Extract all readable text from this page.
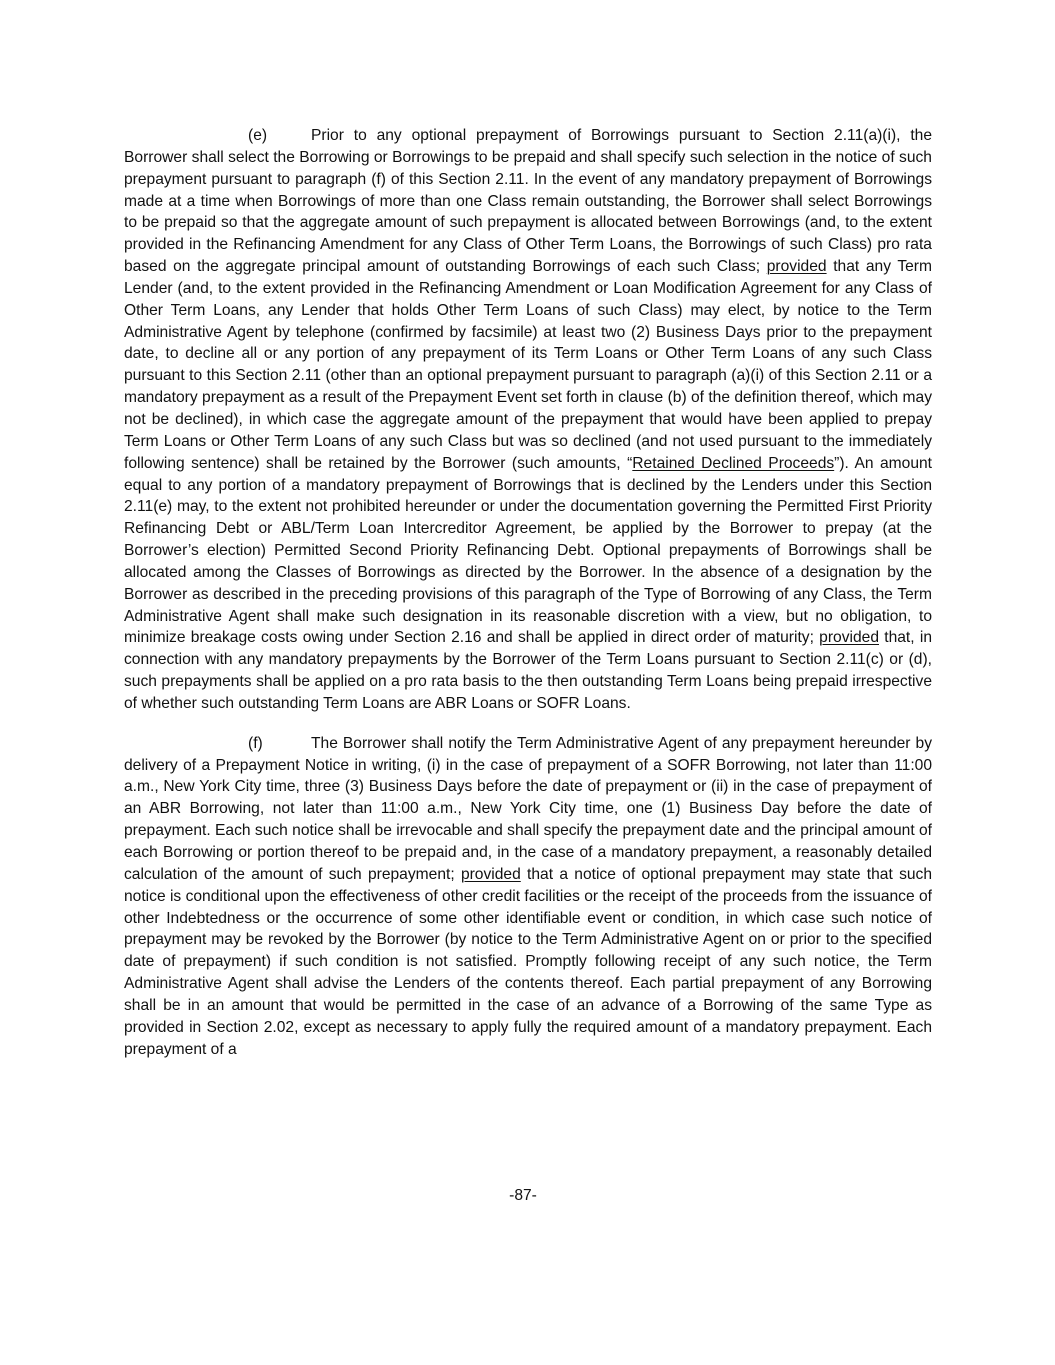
(e)	Prior to any optional prepayment of Borrowings pursuant to Section 2.11(a)(i), the Borrower shall select the Borrowing or Borrowings to be prepaid and shall specify such selection in the notice of such prepayment pursuant to paragraph (f) of this Section 2.11. In the event of any mandatory prepayment of Borrowings made at a time when Borrowings of more than one Class remain outstanding, the Borrower shall select Borrowings to be prepaid so that the aggregate amount of such prepayment is allocated between Borrowings (and, to the extent provided in the Refinancing Amendment for any Class of Other Term Loans, the Borrowings of such Class) pro rata based on the aggregate principal amount of outstanding Borrowings of each such Class; provided that any Term Lender (and, to the extent provided in the Refinancing Amendment or Loan Modification Agreement for any Class of Other Term Loans, any Lender that holds Other Term Loans of such Class) may elect, by notice to the Term Administrative Agent by telephone (confirmed by facsimile) at least two (2) Business Days prior to the prepayment date, to decline all or any portion of any prepayment of its Term Loans or Other Term Loans of any such Class pursuant to this Section 2.11 (other than an optional prepayment pursuant to paragraph (a)(i) of this Section 2.11 or a mandatory prepayment as a result of the Prepayment Event set forth in clause (b) of the definition thereof, which may not be declined), in which case the aggregate amount of the prepayment that would have been applied to prepay Term Loans or Other Term Loans of any such Class but was so declined (and not used pursuant to the immediately following sentence) shall be retained by the Borrower (such amounts, “Retained Declined Proceeds”). An amount equal to any portion of a mandatory prepayment of Borrowings that is declined by the Lenders under this Section 2.11(e) may, to the extent not prohibited hereunder or under the documentation governing the Permitted First Priority Refinancing Debt or ABL/Term Loan Intercreditor Agreement, be applied by the Borrower to prepay (at the Borrower’s election) Permitted Second Priority Refinancing Debt. Optional prepayments of Borrowings shall be allocated among the Classes of Borrowings as directed by the Borrower. In the absence of a designation by the Borrower as described in the preceding provisions of this paragraph of the Type of Borrowing of any Class, the Term Administrative Agent shall make such designation in its reasonable discretion with a view, but no obligation, to minimize breakage costs owing under Section 2.16 and shall be applied in direct order of maturity; provided that, in connection with any mandatory prepayments by the Borrower of the Term Loans pursuant to Section 2.11(c) or (d), such prepayments shall be applied on a pro rata basis to the then outstanding Term Loans being prepaid irrespective of whether such outstanding Term Loans are ABR Loans or SOFR Loans.

(f)	The Borrower shall notify the Term Administrative Agent of any prepayment hereunder by delivery of a Prepayment Notice in writing, (i) in the case of prepayment of a SOFR Borrowing, not later than 11:00 a.m., New York City time, three (3) Business Days before the date of prepayment or (ii) in the case of prepayment of an ABR Borrowing, not later than 11:00 a.m., New York City time, one (1) Business Day before the date of prepayment. Each such notice shall be irrevocable and shall specify the prepayment date and the principal amount of each Borrowing or portion thereof to be prepaid and, in the case of a mandatory prepayment, a reasonably detailed calculation of the amount of such prepayment; provided that a notice of optional prepayment may state that such notice is conditional upon the effectiveness of other credit facilities or the receipt of the proceeds from the issuance of other Indebtedness or the occurrence of some other identifiable event or condition, in which case such notice of prepayment may be revoked by the Borrower (by notice to the Term Administrative Agent on or prior to the specified date of prepayment) if such condition is not satisfied. Promptly following receipt of any such notice, the Term Administrative Agent shall advise the Lenders of the contents thereof. Each partial prepayment of any Borrowing shall be in an amount that would be permitted in the case of an advance of a Borrowing of the same Type as provided in Section 2.02, except as necessary to apply fully the required amount of a mandatory prepayment. Each prepayment of a

-87-
